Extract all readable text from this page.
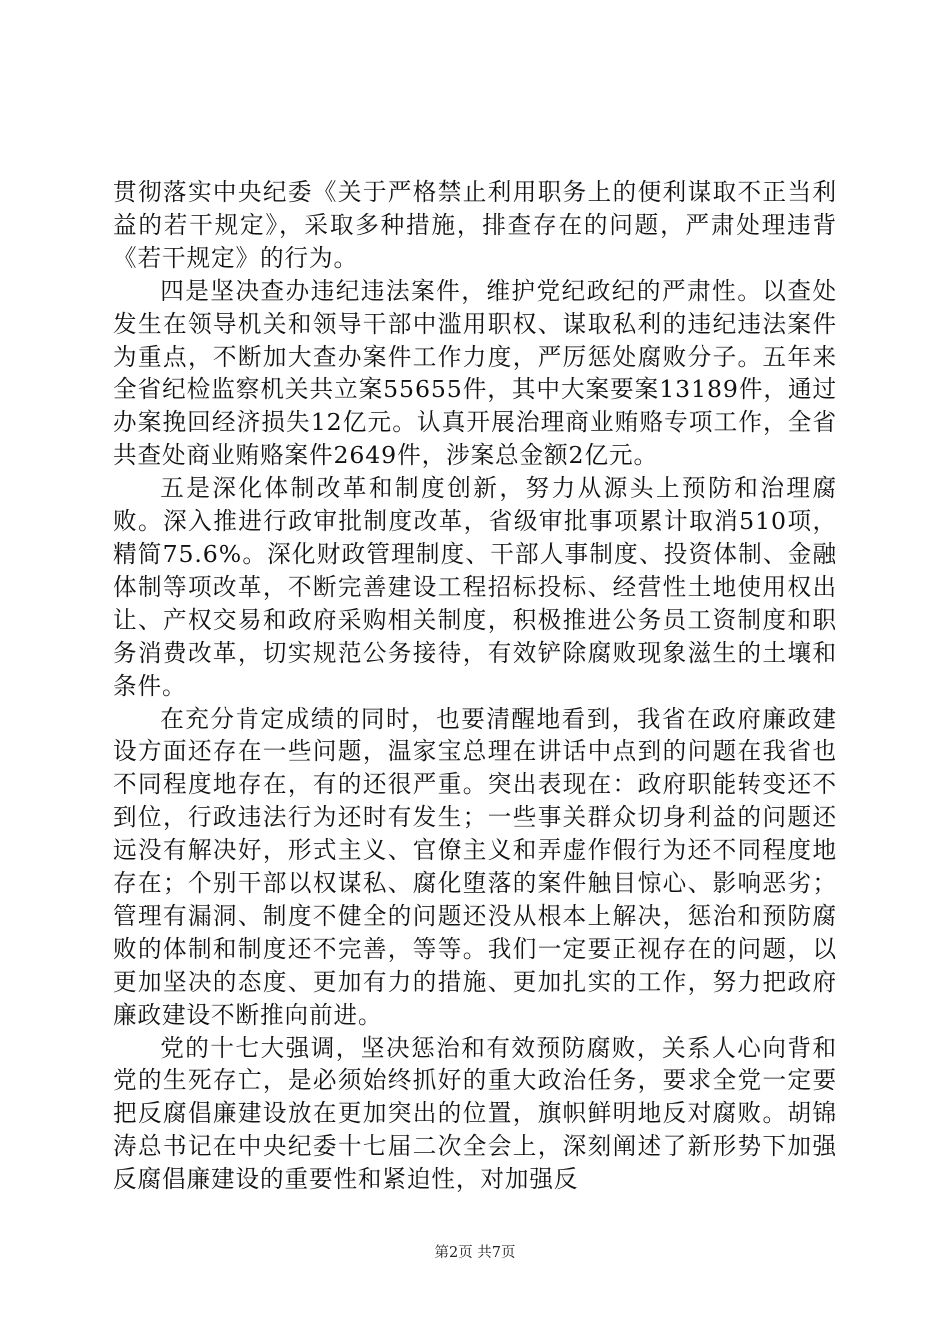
贯彻落实中央纪委《关于严格禁止利用职务上的便利谋取不正当利益的若干规定》，采取多种措施，排查存在的问题，严肃处理违背《若干规定》的行为。

四是坚决查办违纪违法案件，维护党纪政纪的严肃性。以查处发生在领导机关和领导干部中滥用职权、谋取私利的违纪违法案件为重点，不断加大查办案件工作力度，严厉惩处腐败分子。五年来全省纪检监察机关共立案55655件，其中大案要案13189件，通过办案挽回经济损失12亿元。认真开展治理商业贿赂专项工作，全省共查处商业贿赂案件2649件，涉案总金额2亿元。

五是深化体制改革和制度创新，努力从源头上预防和治理腐败。深入推进行政审批制度改革，省级审批事项累计取消510项，精简75.6%。深化财政管理制度、干部人事制度、投资体制、金融体制等项改革，不断完善建设工程招标投标、经营性土地使用权出让、产权交易和政府采购相关制度，积极推进公务员工资制度和职务消费改革，切实规范公务接待，有效铲除腐败现象滋生的土壤和条件。

在充分肯定成绩的同时，也要清醒地看到，我省在政府廉政建设方面还存在一些问题，温家宝总理在讲话中点到的问题在我省也不同程度地存在，有的还很严重。突出表现在：政府职能转变还不到位，行政违法行为还时有发生；一些事关群众切身利益的问题还远没有解决好，形式主义、官僚主义和弄虚作假行为还不同程度地存在；个别干部以权谋私、腐化堕落的案件触目惊心、影响恶劣；管理有漏洞、制度不健全的问题还没从根本上解决，惩治和预防腐败的体制和制度还不完善，等等。我们一定要正视存在的问题，以更加坚决的态度、更加有力的措施、更加扎实的工作，努力把政府廉政建设不断推向前进。

党的十七大强调，坚决惩治和有效预防腐败，关系人心向背和党的生死存亡，是必须始终抓好的重大政治任务，要求全党一定要把反腐倡廉建设放在更加突出的位置，旗帜鲜明地反对腐败。胡锦涛总书记在中央纪委十七届二次全会上，深刻阐述了新形势下加强反腐倡廉建设的重要性和紧迫性，对加强反

第2页 共7页
